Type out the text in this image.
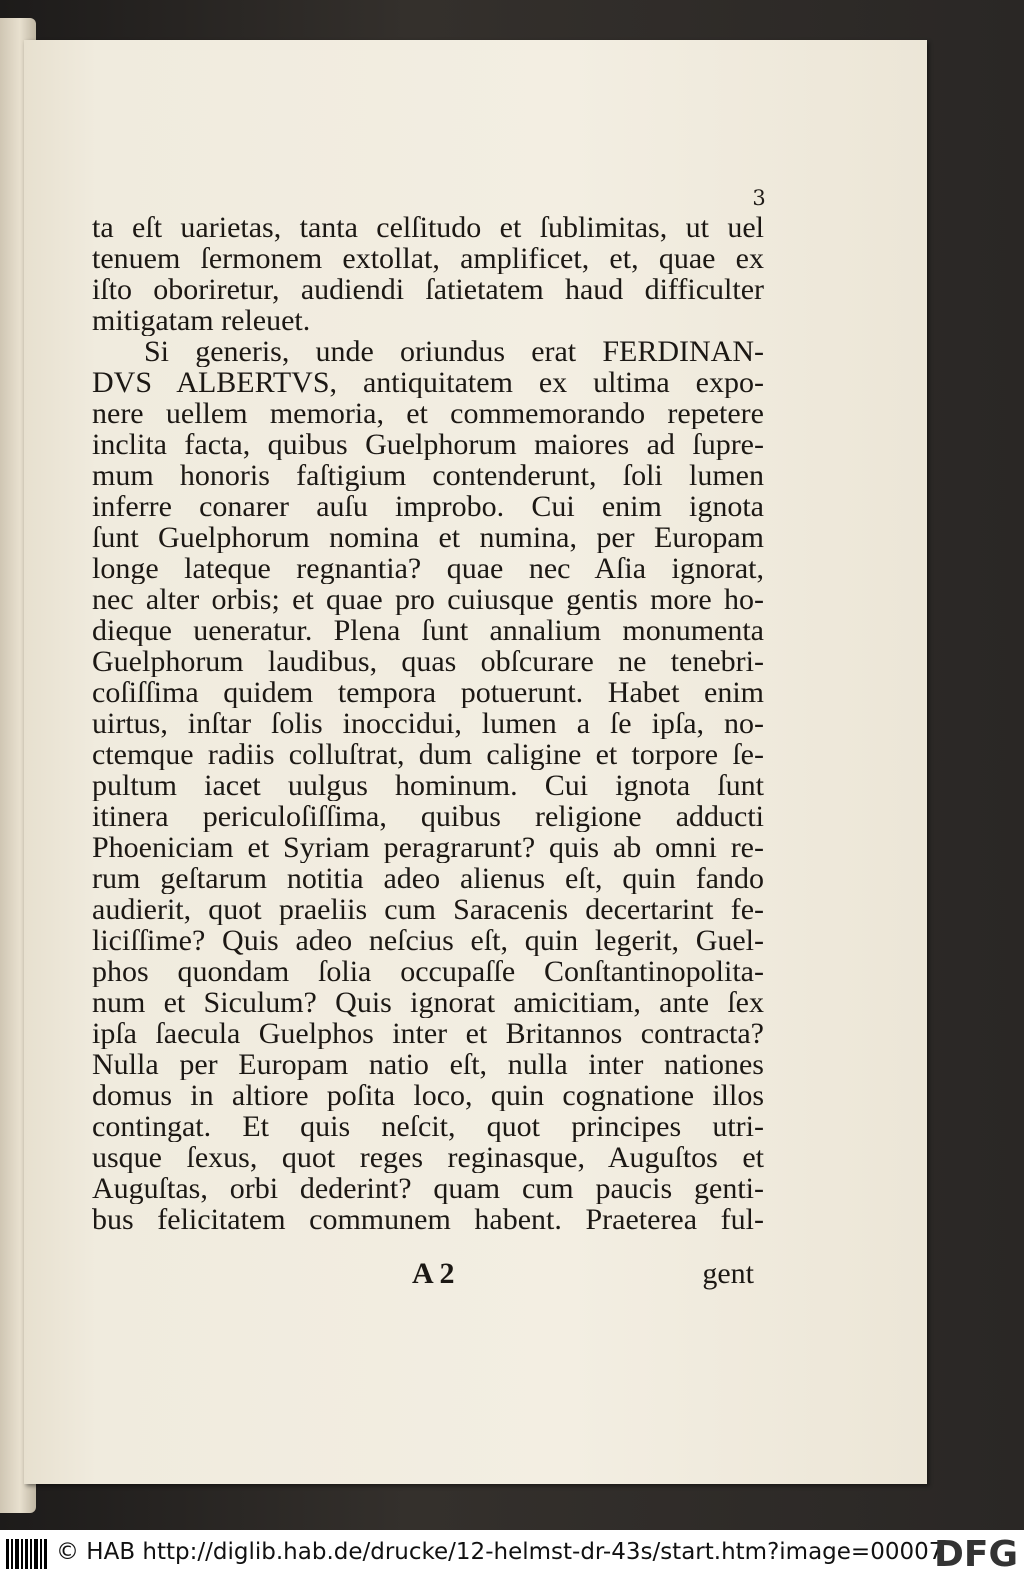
3
ta eſt uarietas, tanta celſitudo et ſublimitas, ut uel
tenuem ſermonem extollat, amplificet, et, quae ex
iſto oboriretur, audiendi ſatietatem haud difficulter
mitigatam releuet.
Si generis, unde oriundus erat FERDINAN-
DVS ALBERTVS, antiquitatem ex ultima expo-
nere uellem memoria, et commemorando repetere
inclita facta, quibus Guelphorum maiores ad ſupre-
mum honoris faſtigium contenderunt, ſoli lumen
inferre conarer auſu improbo. Cui enim ignota
ſunt Guelphorum nomina et numina, per Europam
longe lateque regnantia? quae nec Aſia ignorat,
nec alter orbis; et quae pro cuiusque gentis more ho-
dieque ueneratur. Plena ſunt annalium monumenta
Guelphorum laudibus, quas obſcurare ne tenebri-
coſiſſima quidem tempora potuerunt. Habet enim
uirtus, inſtar ſolis inoccidui, lumen a ſe ipſa, no-
ctemque radiis colluſtrat, dum caligine et torpore ſe-
pultum iacet uulgus hominum. Cui ignota ſunt
itinera periculoſiſſima, quibus religione adducti
Phoeniciam et Syriam peragrarunt? quis ab omni re-
rum geſtarum notitia adeo alienus eſt, quin fando
audierit, quot praeliis cum Saracenis decertarint fe-
liciſſime? Quis adeo neſcius eſt, quin legerit, Guel-
phos quondam ſolia occupaſſe Conſtantinopolita-
num et Siculum? Quis ignorat amicitiam, ante ſex
ipſa ſaecula Guelphos inter et Britannos contracta?
Nulla per Europam natio eſt, nulla inter nationes
domus in altiore poſita loco, quin cognatione illos
contingat. Et quis neſcit, quot principes utri-
usque ſexus, quot reges reginasque, Auguſtos et
Auguſtas, orbi dederint? quam cum paucis genti-
bus felicitatem communem habent. Praeterea ful-
A 2	gent
© HAB http://diglib.hab.de/drucke/12-helmst-dr-43s/start.htm?image=00007
DFG
